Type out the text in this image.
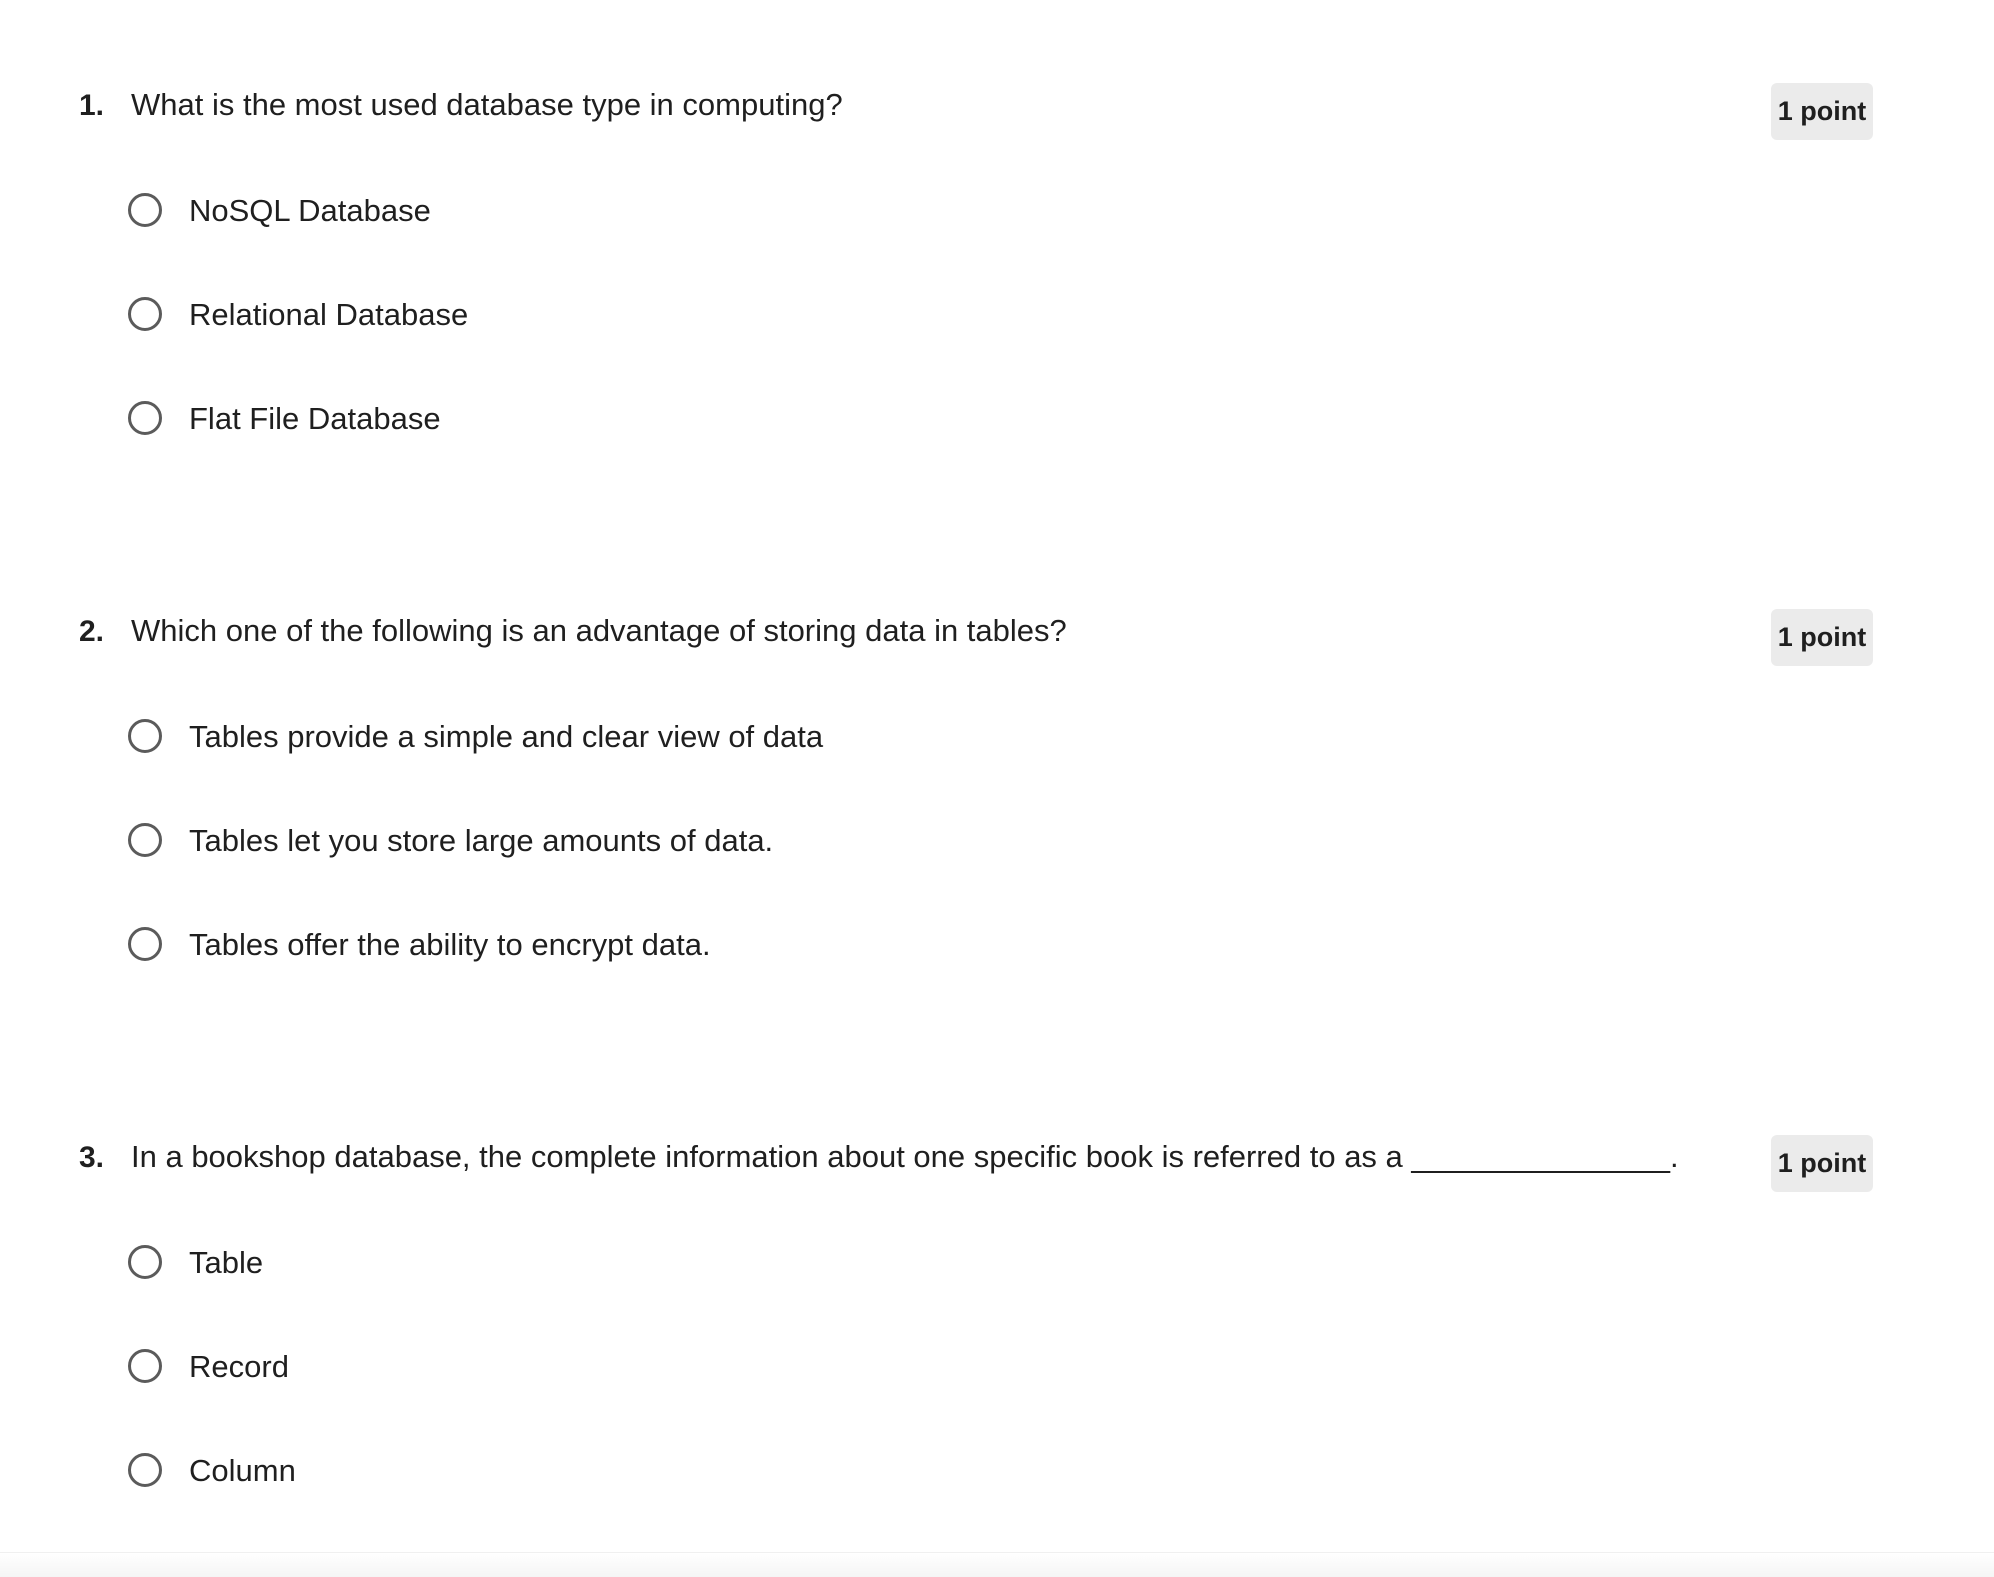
1. What is the most used database type in computing?	1 point
NoSQL Database
Relational Database
Flat File Database
2. Which one of the following is an advantage of storing data in tables?	1 point
Tables provide a simple and clear view of data
Tables let you store large amounts of data.
Tables offer the ability to encrypt data.
3. In a bookshop database, the complete information about one specific book is referred to as a _______________.	1 point
Table
Record
Column
